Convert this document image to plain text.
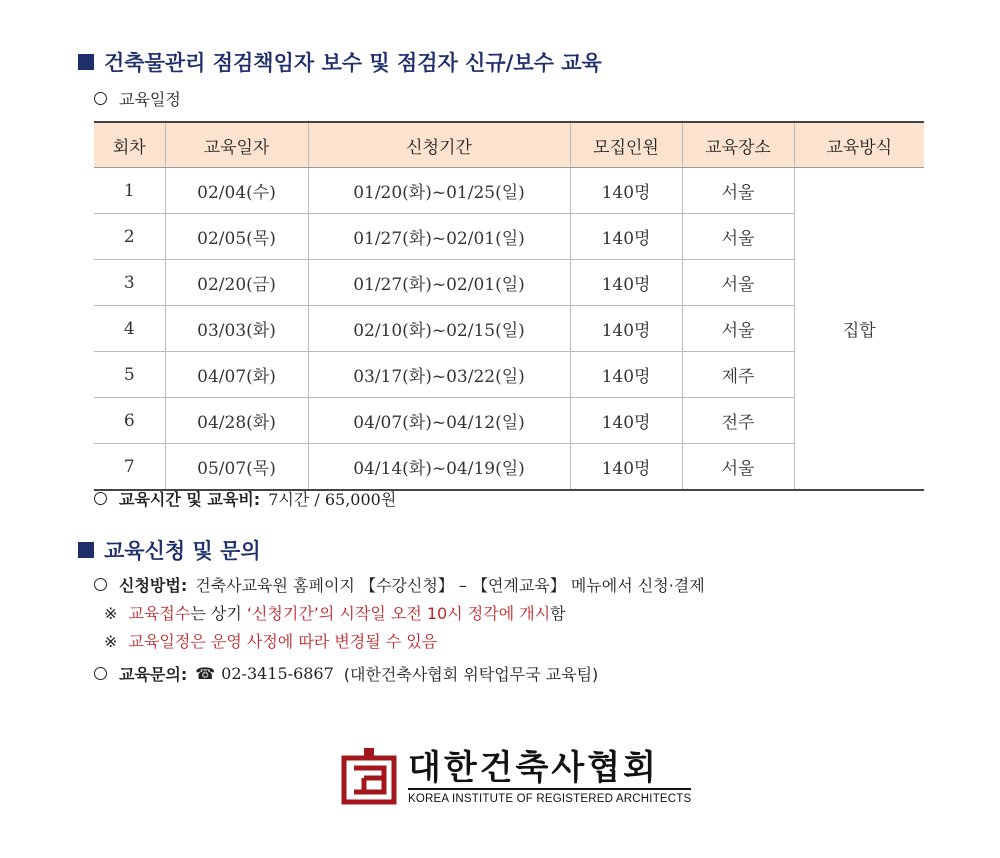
건축물관리 점검책임자 보수 및 점검자 신규/보수 교육
교육일정
회차	교육일자	신청기간	모집인원	교육장소	교육방식
1	02/04(수)	01/20(화)~01/25(일)	140명	서울	집합
2	02/05(목)	01/27(화)~02/01(일)	140명	서울	
3	02/20(금)	01/27(화)~02/01(일)	140명	서울	
4	03/03(화)	02/10(화)~02/15(일)	140명	서울	
5	04/07(화)	03/17(화)~03/22(일)	140명	제주	
6	04/28(화)	04/07(화)~04/12(일)	140명	전주	
7	05/07(목)	04/14(화)~04/19(일)	140명	서울	
교육시간 및 교육비: 7시간 / 65,000원
교육신청 및 문의
신청방법: 건축사교육원 홈페이지 【수강신청】 – 【연계교육】 메뉴에서 신청·결제
※ 교육접수는 상기 ‘신청기간’의 시작일 오전 10시 정각에 개시함
※ 교육일정은 운영 사정에 따라 변경될 수 있음
교육문의: ☎ 02-3415-6867 (대한건축사협회 위탁업무국 교육팀)
대한건축사협회
KOREA INSTITUTE OF REGISTERED ARCHITECTS
